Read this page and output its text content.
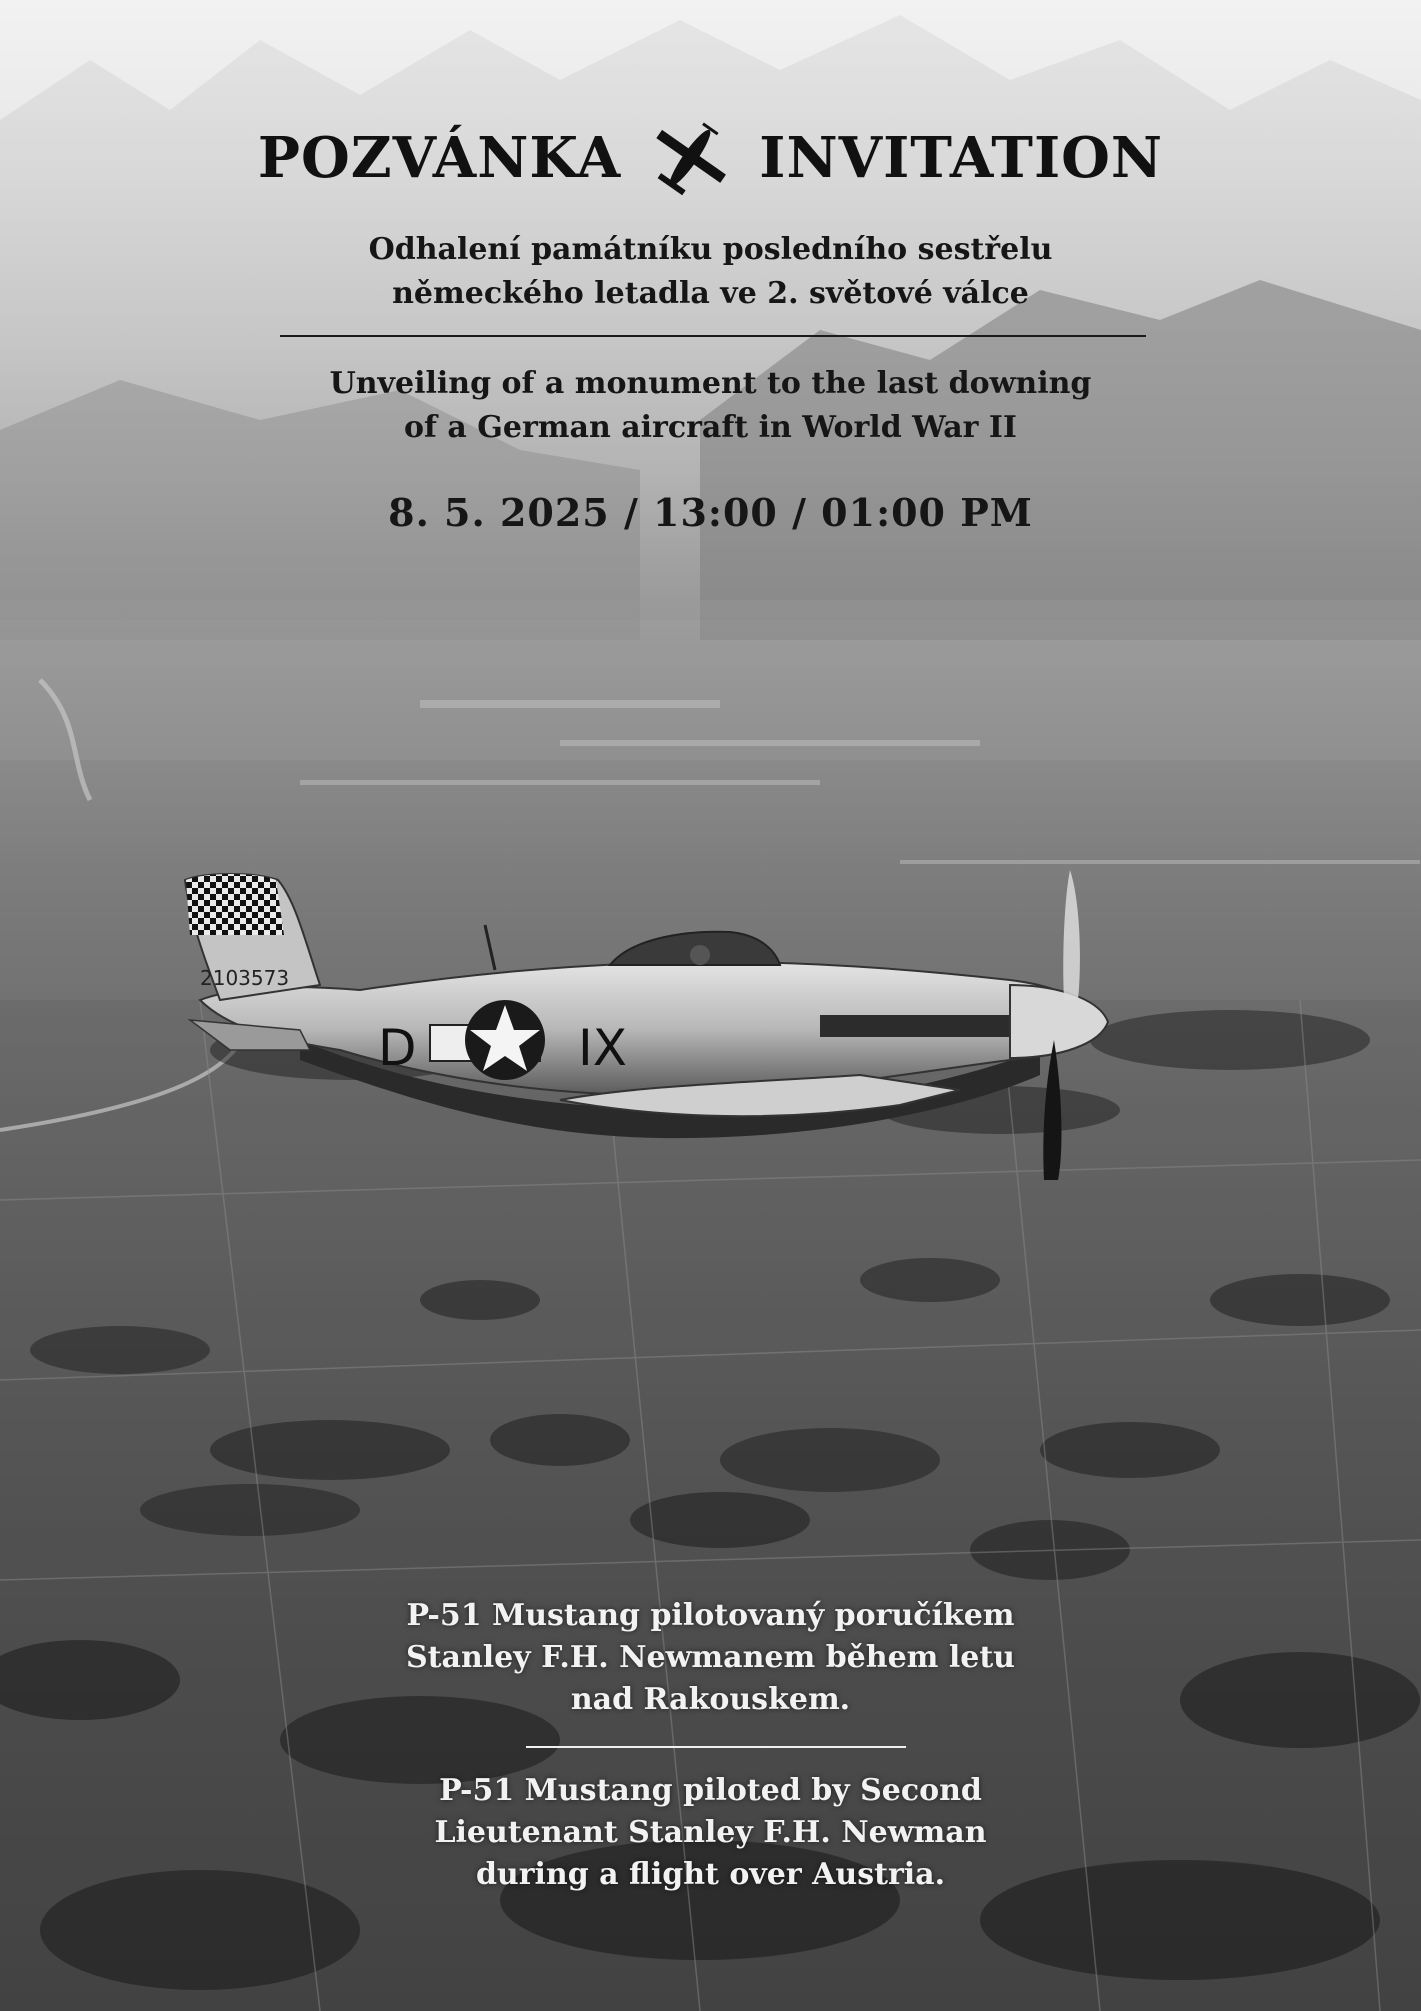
2103573
D	IX
POZVÁNKA INVITATION
Odhalení památníku posledního sestřelu
německého letadla ve 2. světové válce
Unveiling of a monument to the last downing
of a German aircraft in World War II
8. 5. 2025 / 13:00 / 01:00 PM
P-51 Mustang pilotovaný poručíkem
Stanley F.H. Newmanem během letu
nad Rakouskem.
P-51 Mustang piloted by Second
Lieutenant Stanley F.H. Newman
during a flight over Austria.
